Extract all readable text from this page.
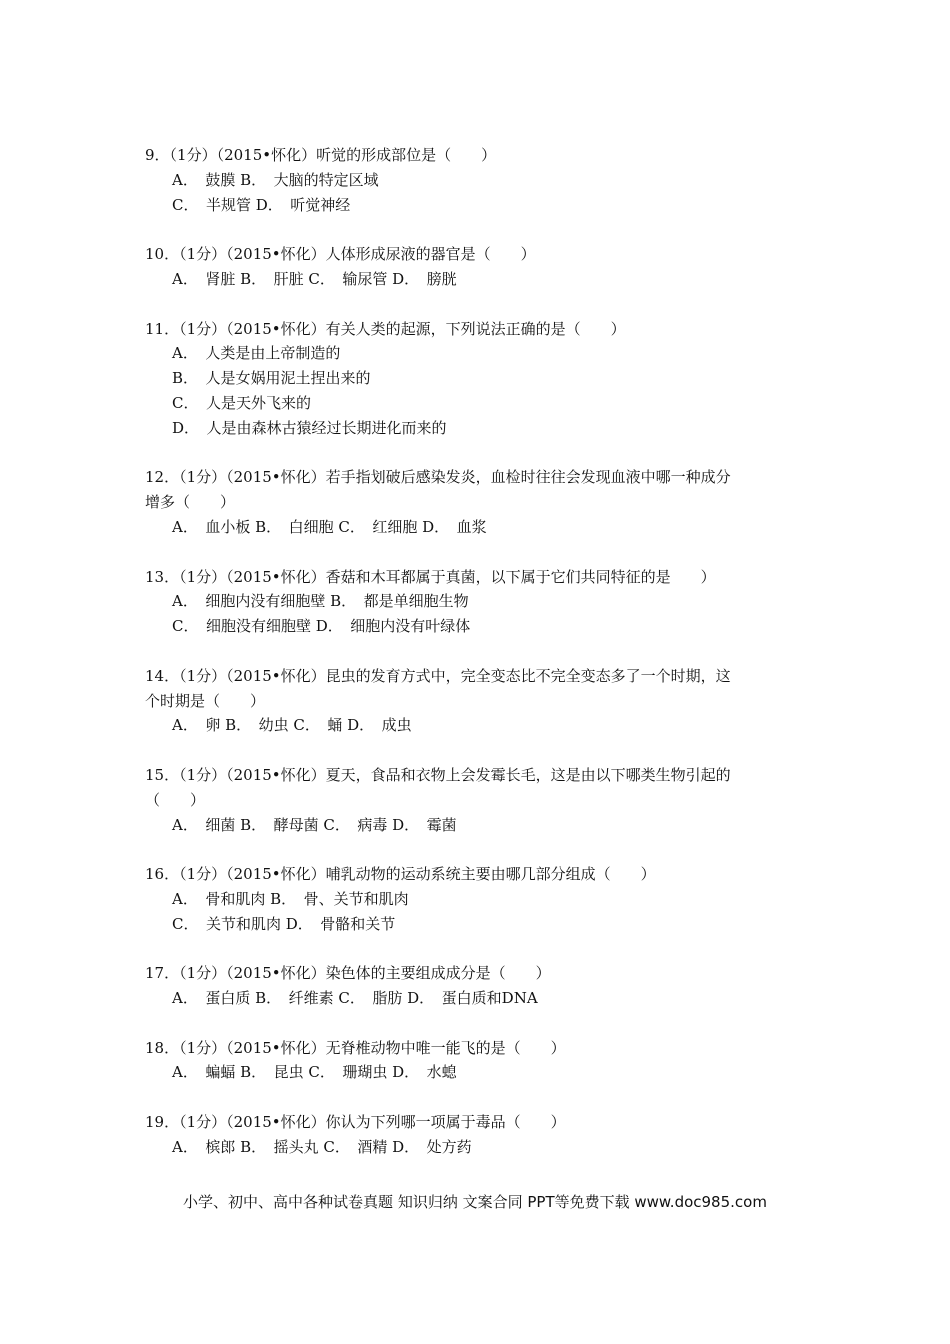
9．（1分）（2015•怀化）听觉的形成部位是（　　）
A．　鼓膜 B．　大脑的特定区域
C．　半规管 D．　听觉神经
10．（1分）（2015•怀化）人体形成尿液的器官是（　　）
A．　肾脏 B．　肝脏 C．　输尿管 D．　膀胱
11．（1分）（2015•怀化）有关人类的起源，下列说法正确的是（　　）
A．　人类是由上帝制造的
B．　人是女娲用泥土捏出来的
C．　人是天外飞来的
D．　人是由森林古猿经过长期进化而来的
12．（1分）（2015•怀化）若手指划破后感染发炎，血检时往往会发现血液中哪一种成分
增多（　　）
A．　血小板 B．　白细胞 C．　红细胞 D．　血浆
13．（1分）（2015•怀化）香菇和木耳都属于真菌，以下属于它们共同特征的是　　）
A．　细胞内没有细胞壁 B．　都是单细胞生物
C．　细胞没有细胞壁 D．　细胞内没有叶绿体
14．（1分）（2015•怀化）昆虫的发育方式中，完全变态比不完全变态多了一个时期，这
个时期是（　　）
A．　卵 B．　幼虫 C．　蛹 D．　成虫
15．（1分）（2015•怀化）夏天，食品和衣物上会发霉长毛，这是由以下哪类生物引起的
（　　）
A．　细菌 B．　酵母菌 C．　病毒 D．　霉菌
16．（1分）（2015•怀化）哺乳动物的运动系统主要由哪几部分组成（　　）
A．　骨和肌肉 B．　骨、关节和肌肉
C．　关节和肌肉 D．　骨骼和关节
17．（1分）（2015•怀化）染色体的主要组成成分是（　　）
A．　蛋白质 B．　纤维素 C．　脂肪 D．　蛋白质和DNA
18．（1分）（2015•怀化）无脊椎动物中唯一能飞的是（　　）
A．　蝙蝠 B．　昆虫 C．　珊瑚虫 D．　水螅
19．（1分）（2015•怀化）你认为下列哪一项属于毒品（　　）
A．　槟郎 B．　摇头丸 C．　酒精 D．　处方药
小学、初中、高中各种试卷真题 知识归纳 文案合同 PPT等免费下载 www.doc985.com
